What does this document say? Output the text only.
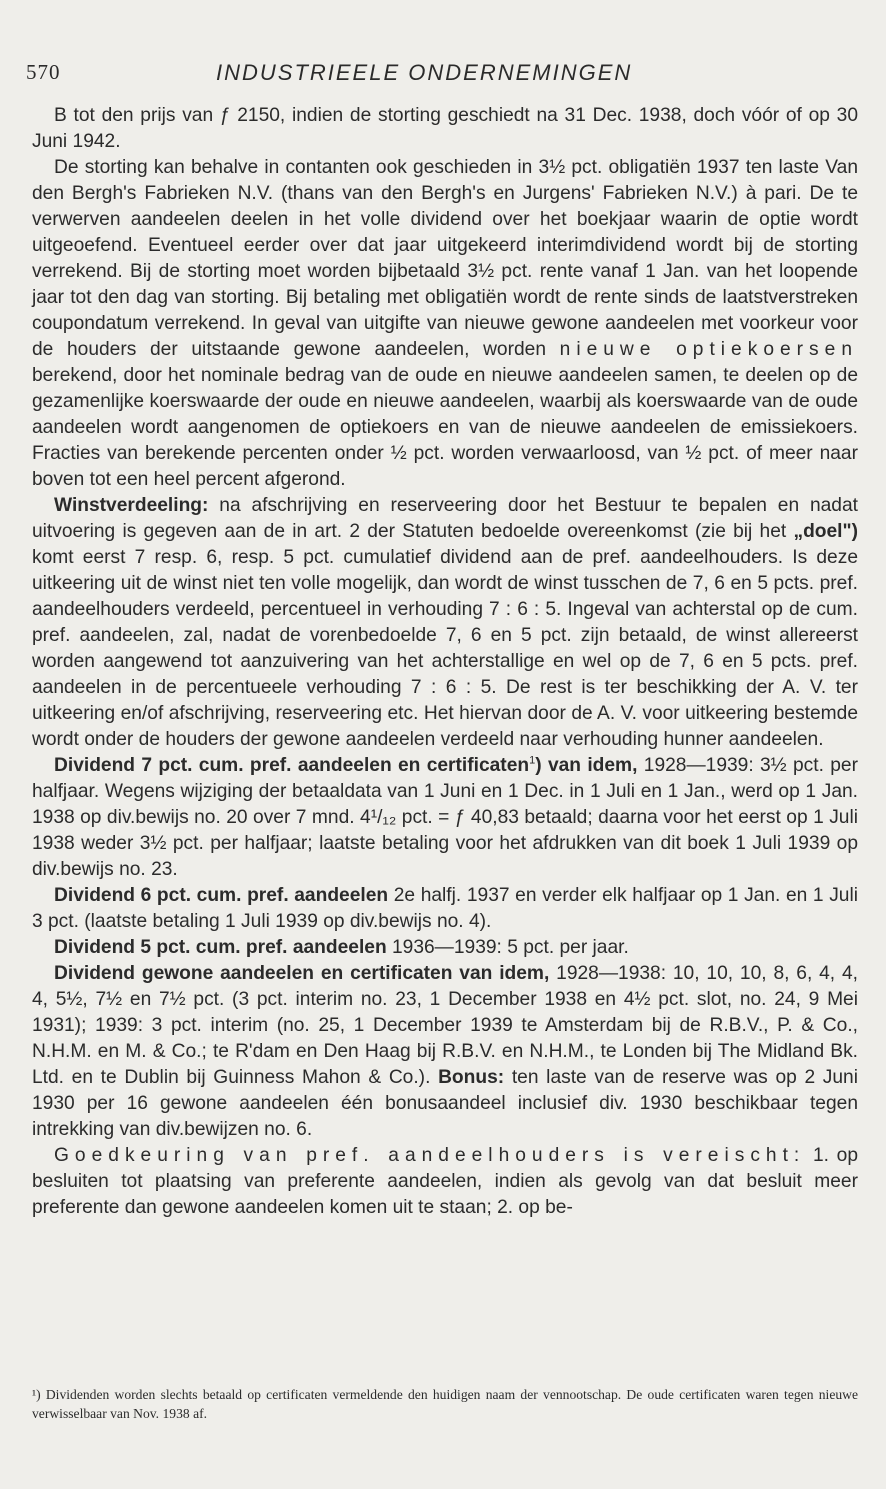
570	INDUSTRIEELE ONDERNEMINGEN

B tot den prijs van ƒ 2150, indien de storting geschiedt na 31 Dec. 1938, doch vóór of op 30 Juni 1942.

De storting kan behalve in contanten ook geschieden in 3½ pct. obligatiën 1937 ten laste Van den Bergh's Fabrieken N.V. (thans van den Bergh's en Jurgens' Fabrieken N.V.) à pari. De te verwerven aandeelen deelen in het volle dividend over het boekjaar waarin de optie wordt uitgeoefend. Eventueel eerder over dat jaar uitgekeerd interimdividend wordt bij de storting verrekend. Bij de storting moet worden bijbetaald 3½ pct. rente vanaf 1 Jan. van het loopende jaar tot den dag van storting. Bij betaling met obligatiën wordt de rente sinds de laatstverstreken coupondatum verrekend. In geval van uitgifte van nieuwe gewone aandeelen met voorkeur voor de houders der uitstaande gewone aandeelen, worden nieuwe optiekoersen berekend, door het nominale bedrag van de oude en nieuwe aandeelen samen, te deelen op de gezamenlijke koerswaarde der oude en nieuwe aandeelen, waarbij als koerswaarde van de oude aandeelen wordt aangenomen de optiekoers en van de nieuwe aandeelen de emissiekoers. Fracties van berekende percenten onder ½ pct. worden verwaarloosd, van ½ pct. of meer naar boven tot een heel percent afgerond.

Winstverdeeling: na afschrijving en reserveering door het Bestuur te bepalen en nadat uitvoering is gegeven aan de in art. 2 der Statuten bedoelde overeenkomst (zie bij het „doel") komt eerst 7 resp. 6, resp. 5 pct. cumulatief dividend aan de pref. aandeelhouders. Is deze uitkeering uit de winst niet ten volle mogelijk, dan wordt de winst tusschen de 7, 6 en 5 pcts. pref. aandeelhouders verdeeld, percentueel in verhouding 7 : 6 : 5. Ingeval van achterstal op de cum. pref. aandeelen, zal, nadat de vorenbedoelde 7, 6 en 5 pct. zijn betaald, de winst allereerst worden aangewend tot aanzuivering van het achterstallige en wel op de 7, 6 en 5 pcts. pref. aandeelen in de percentueele verhouding 7 : 6 : 5. De rest is ter beschikking der A. V. ter uitkeering en/of afschrijving, reserveering etc. Het hiervan door de A. V. voor uitkeering bestemde wordt onder de houders der gewone aandeelen verdeeld naar verhouding hunner aandeelen.

Dividend 7 pct. cum. pref. aandeelen en certificaten$^1$) van idem, 1928—1939: 3½ pct. per halfjaar. Wegens wijziging der betaaldata van 1 Juni en 1 Dec. in 1 Juli en 1 Jan., werd op 1 Jan. 1938 op div.bewijs no. 20 over 7 mnd. 4¹/₁₂ pct. = ƒ 40,83 betaald; daarna voor het eerst op 1 Juli 1938 weder 3½ pct. per halfjaar; laatste betaling voor het afdrukken van dit boek 1 Juli 1939 op div.bewijs no. 23.

Dividend 6 pct. cum. pref. aandeelen 2e halfj. 1937 en verder elk halfjaar op 1 Jan. en 1 Juli 3 pct. (laatste betaling 1 Juli 1939 op div.bewijs no. 4).

Dividend 5 pct. cum. pref. aandeelen 1936—1939: 5 pct. per jaar.

Dividend gewone aandeelen en certificaten van idem, 1928—1938: 10, 10, 10, 8, 6, 4, 4, 4, 5½, 7½ en 7½ pct. (3 pct. interim no. 23, 1 December 1938 en 4½ pct. slot, no. 24, 9 Mei 1931); 1939: 3 pct. interim (no. 25, 1 December 1939 te Amsterdam bij de R.B.V., P. & Co., N.H.M. en M. & Co.; te R'dam en Den Haag bij R.B.V. en N.H.M., te Londen bij The Midland Bk. Ltd. en te Dublin bij Guinness Mahon & Co.). Bonus: ten laste van de reserve was op 2 Juni 1930 per 16 gewone aandeelen één bonusaandeel inclusief div. 1930 beschikbaar tegen intrekking van div.bewijzen no. 6.

Goedkeuring van pref. aandeelhouders is vereischt: 1. op besluiten tot plaatsing van preferente aandeelen, indien als gevolg van dat besluit meer preferente dan gewone aandeelen komen uit te staan; 2. op be-

¹) Dividenden worden slechts betaald op certificaten vermeldende den huidigen naam der vennootschap. De oude certificaten waren tegen nieuwe verwisselbaar van Nov. 1938 af.
